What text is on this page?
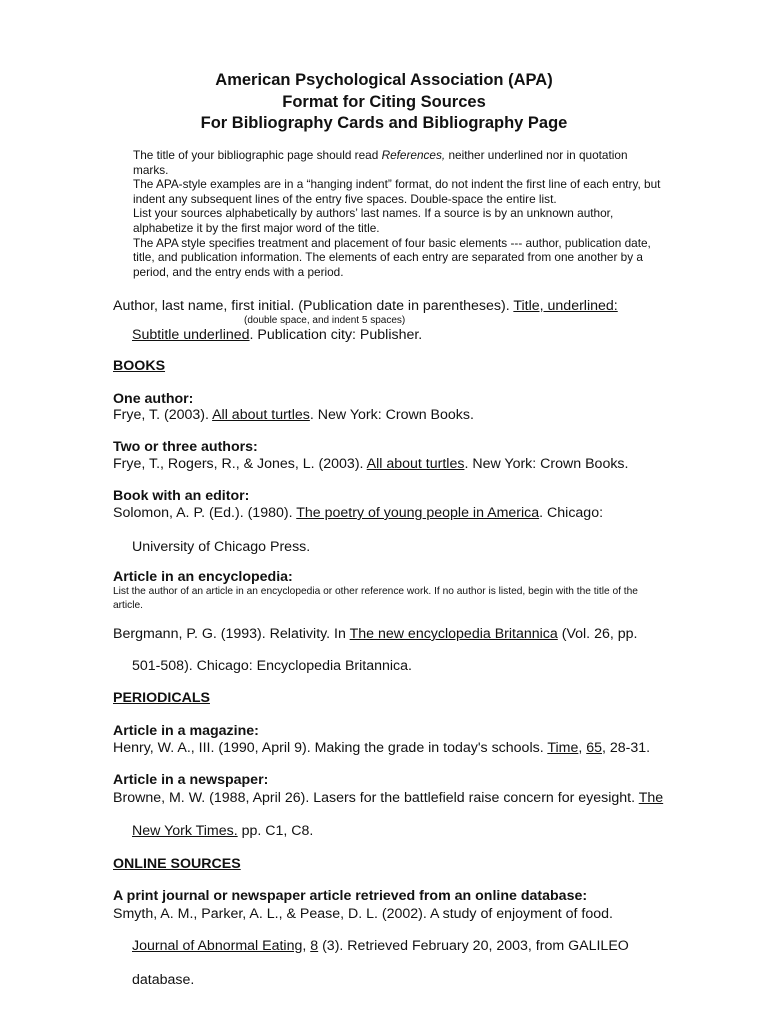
American Psychological Association (APA)
Format for Citing Sources
For Bibliography Cards and Bibliography Page
The title of your bibliographic page should read References, neither underlined nor in quotation marks.
The APA-style examples are in a “hanging indent” format, do not indent the first line of each entry, but indent any subsequent lines of the entry five spaces. Double-space the entire list.
List your sources alphabetically by authors’ last names. If a source is by an unknown author, alphabetize it by the first major word of the title.
The APA style specifies treatment and placement of four basic elements --- author, publication date, title, and publication information. The elements of each entry are separated from one another by a period, and the entry ends with a period.
Author, last name, first initial. (Publication date in parentheses). Title, underlined:
(double space, and indent 5 spaces)
Subtitle underlined. Publication city: Publisher.
BOOKS
One author:
Frye, T. (2003). All about turtles. New York: Crown Books.
Two or three authors:
Frye, T., Rogers, R., & Jones, L. (2003). All about turtles. New York: Crown Books.
Book with an editor:
Solomon, A. P. (Ed.). (1980). The poetry of young people in America. Chicago:
University of Chicago Press.
Article in an encyclopedia:
List the author of an article in an encyclopedia or other reference work. If no author is listed, begin with the title of the article.
Bergmann, P. G. (1993). Relativity. In The new encyclopedia Britannica (Vol. 26, pp.
501-508). Chicago: Encyclopedia Britannica.
PERIODICALS
Article in a magazine:
Henry, W. A., III. (1990, April 9). Making the grade in today's schools. Time, 65, 28-31.
Article in a newspaper:
Browne, M. W. (1988, April 26). Lasers for the battlefield raise concern for eyesight. The
New York Times. pp. C1, C8.
ONLINE SOURCES
A print journal or newspaper article retrieved from an online database:
Smyth, A. M., Parker, A. L., & Pease, D. L. (2002). A study of enjoyment of food.
Journal of Abnormal Eating, 8 (3). Retrieved February 20, 2003, from GALILEO
database.
